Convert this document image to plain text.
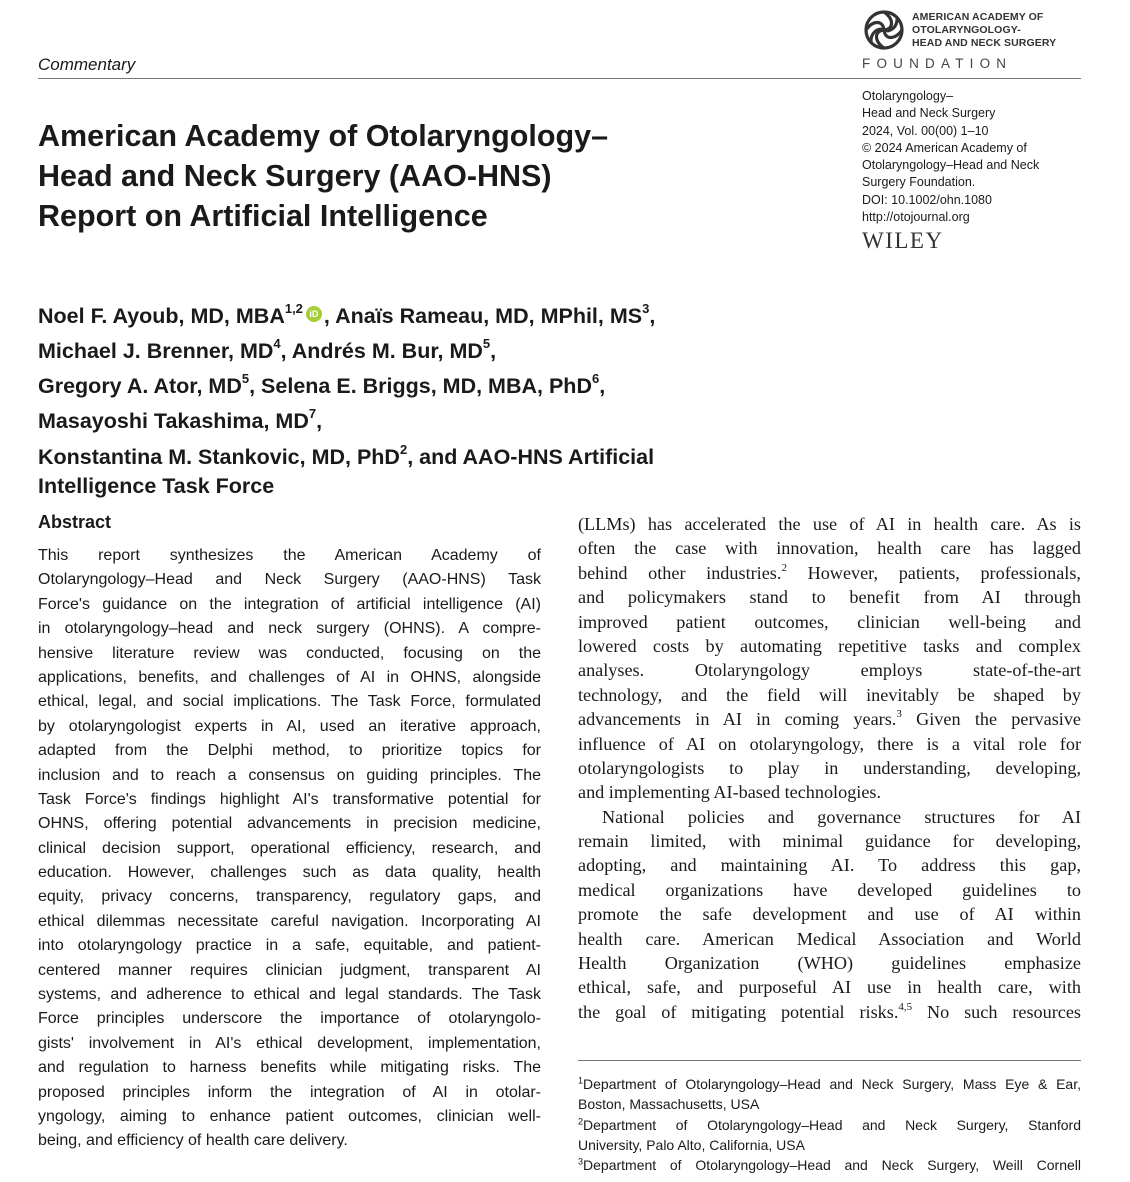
Commentary
AMERICAN ACADEMY OF
OTOLARYNGOLOGY-
HEAD AND NECK SURGERY
FOUNDATION
Otolaryngology–
Head and Neck Surgery
2024, Vol. 00(00) 1–10
© 2024 American Academy of
Otolaryngology–Head and Neck
Surgery Foundation.
DOI: 10.1002/ohn.1080
http://otojournal.org
WILEY
American Academy of Otolaryngology–
Head and Neck Surgery (AAO-HNS)
Report on Artificial Intelligence
Noel F. Ayoub, MD, MBA$^{1,2}$ iD , Anaïs Rameau, MD, MPhil, $MS^3$,
Michael J. Brenner, $MD^4$, Andrés M. Bur, $MD^5$,
Gregory A. Ator, $MD^5$, Selena E. Briggs, MD, MBA, PhD$^6$,
Masayoshi Takashima, $MD^7$,
Konstantina M. Stankovic, MD, PhD$^2$, and AAO-HNS Artificial
Intelligence Task Force
Abstract
This report synthesizes the American Academy of
Otolaryngology–Head and Neck Surgery (AAO-HNS) Task
Force's guidance on the integration of artificial intelligence (AI)
in otolaryngology–head and neck surgery (OHNS). A compre-
hensive literature review was conducted, focusing on the
applications, benefits, and challenges of AI in OHNS, alongside
ethical, legal, and social implications. The Task Force, formulated
by otolaryngologist experts in AI, used an iterative approach,
adapted from the Delphi method, to prioritize topics for
inclusion and to reach a consensus on guiding principles. The
Task Force's findings highlight AI's transformative potential for
OHNS, offering potential advancements in precision medicine,
clinical decision support, operational efficiency, research, and
education. However, challenges such as data quality, health
equity, privacy concerns, transparency, regulatory gaps, and
ethical dilemmas necessitate careful navigation. Incorporating AI
into otolaryngology practice in a safe, equitable, and patient-
centered manner requires clinician judgment, transparent AI
systems, and adherence to ethical and legal standards. The Task
Force principles underscore the importance of otolaryngolo-
gists' involvement in AI's ethical development, implementation,
and regulation to harness benefits while mitigating risks. The
proposed principles inform the integration of AI in otolar-
yngology, aiming to enhance patient outcomes, clinician well-
being, and efficiency of health care delivery.
(LLMs) has accelerated the use of AI in health care. As is
often the case with innovation, health care has lagged
behind other industries.$^2$ However, patients, professionals,
and policymakers stand to benefit from AI through
improved patient outcomes, clinician well-being and
lowered costs by automating repetitive tasks and complex
analyses. Otolaryngology employs state-of-the-art
technology, and the field will inevitably be shaped by
advancements in AI in coming years.$^3$ Given the pervasive
influence of AI on otolaryngology, there is a vital role for
otolaryngologists to play in understanding, developing,
and implementing AI-based technologies.
National policies and governance structures for AI
remain limited, with minimal guidance for developing,
adopting, and maintaining AI. To address this gap,
medical organizations have developed guidelines to
promote the safe development and use of AI within
health care. American Medical Association and World
Health Organization (WHO) guidelines emphasize
ethical, safe, and purposeful AI use in health care, with
the goal of mitigating potential risks.$^{4,5}$ No such resources
$^1$Department of Otolaryngology–Head and Neck Surgery, Mass Eye & Ear,
Boston, Massachusetts, USA
$^2$Department of Otolaryngology–Head and Neck Surgery, Stanford
University, Palo Alto, California, USA
$^3$Department of Otolaryngology–Head and Neck Surgery, Weill Cornell
